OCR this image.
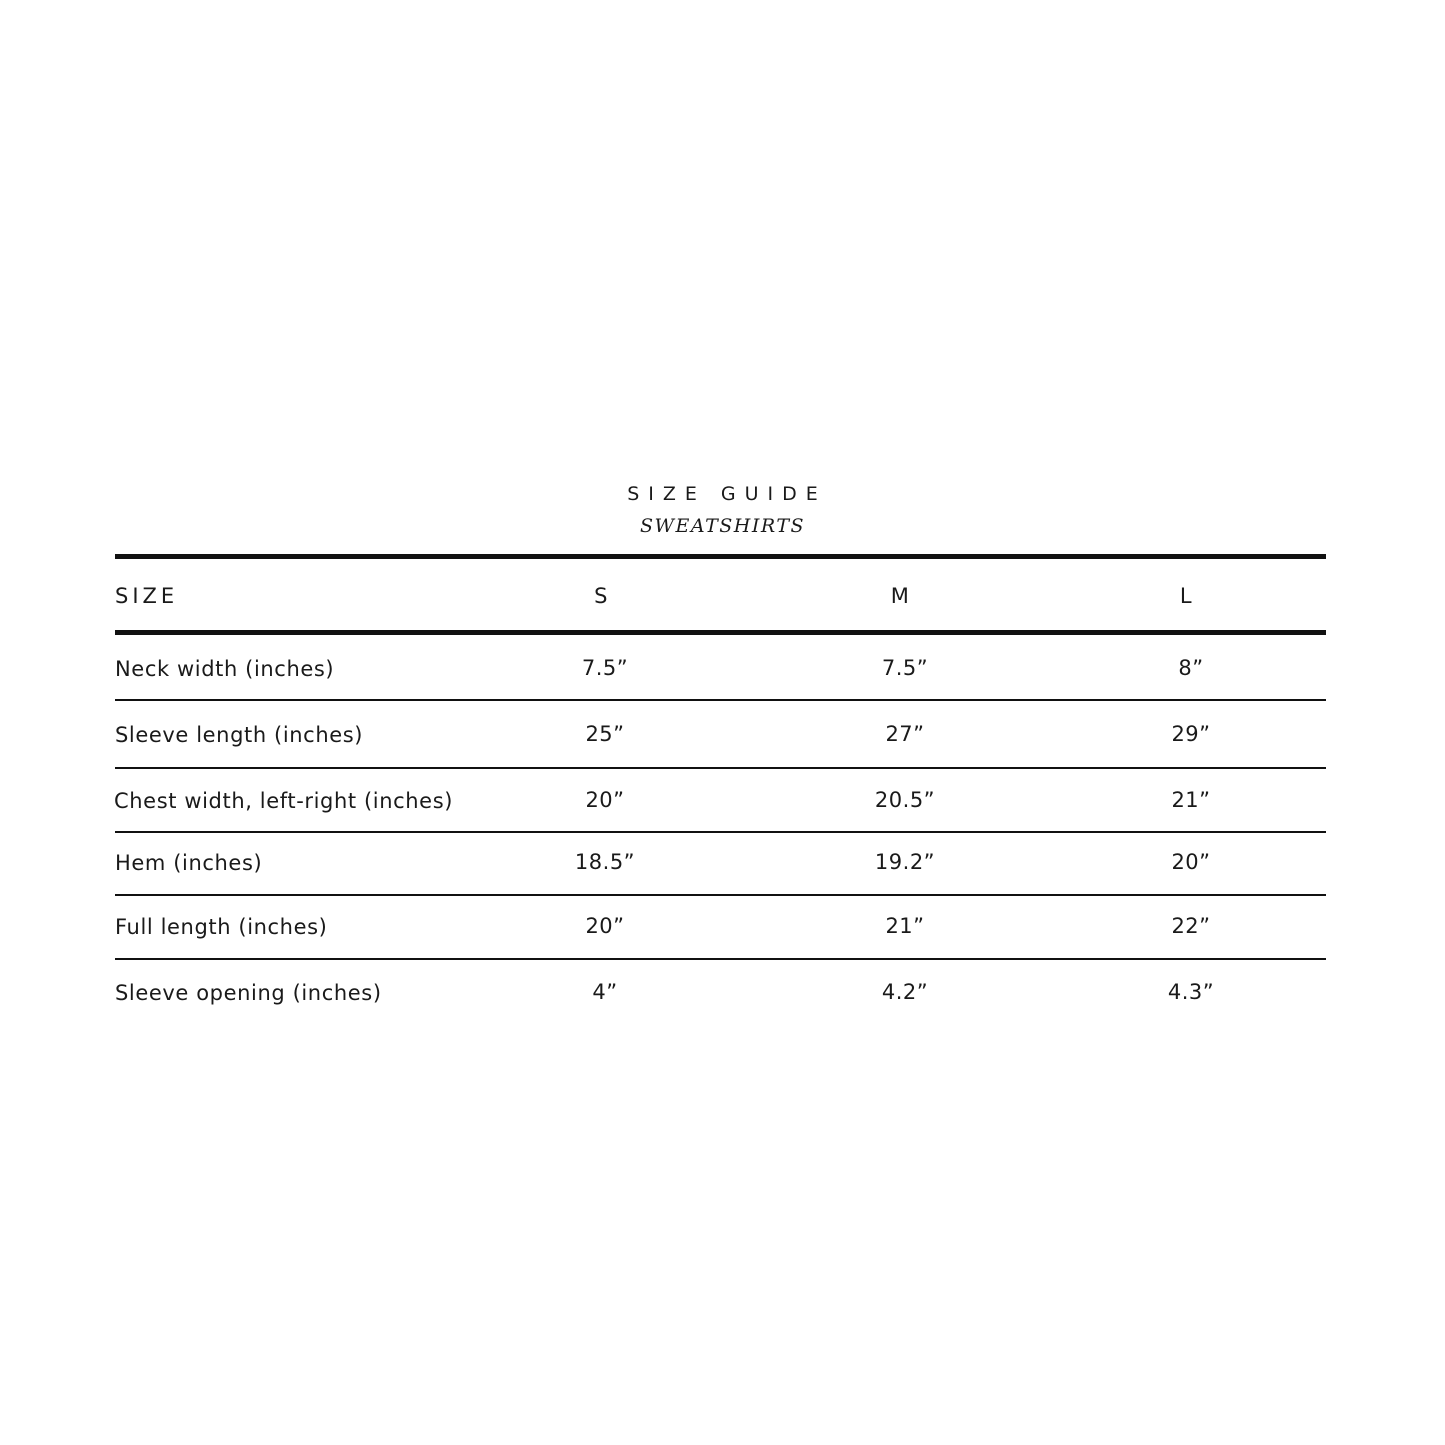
SIZE GUIDE
SWEATSHIRTS
SIZE	S	M	L
Neck width (inches)	7.5”	7.5”	8”
Sleeve length (inches)	25”	27”	29”
Chest width, left-right (inches)	20”	20.5”	21”
Hem (inches)	18.5”	19.2”	20”
Full length (inches)	20”	21”	22”
Sleeve opening (inches)	4”	4.2”	4.3”
